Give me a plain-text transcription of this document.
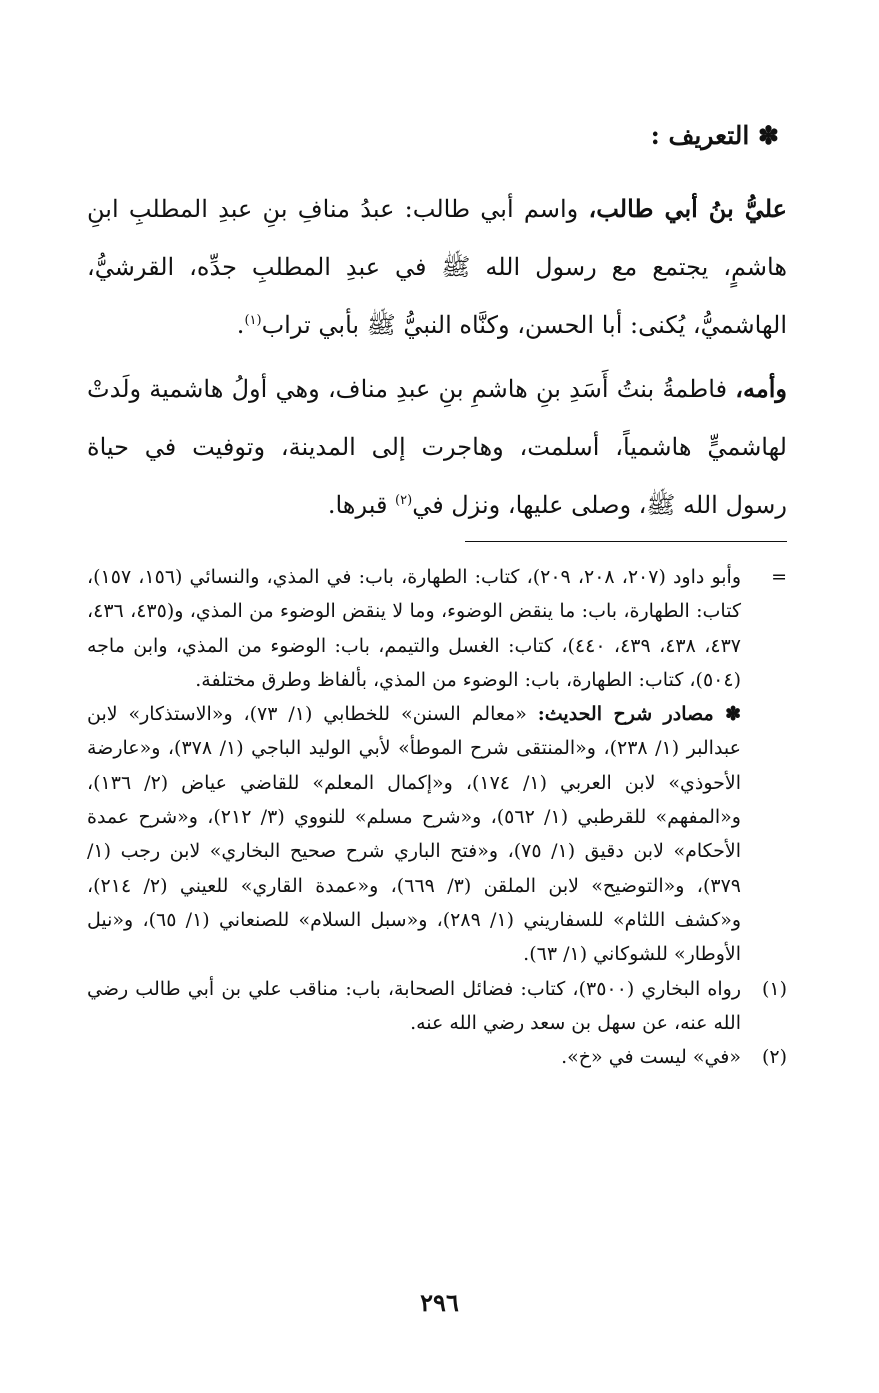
✽ التعريف :

عليُّ بنُ أبي طالب، واسم أبي طالب: عبدُ منافِ بنِ عبدِ المطلبِ ابنِ هاشمٍ، يجتمع مع رسول الله ﷺ في عبدِ المطلبِ جدِّه، القرشيُّ، الهاشميُّ، يُكنى: أبا الحسن، وكنَّاه النبيُّ ﷺ بأبي تراب$^{(١)}$.

وأمه، فاطمةُ بنتُ أَسَدِ بنِ هاشمِ بنِ عبدِ مناف، وهي أولُ هاشمية ولَدتْ لهاشميٍّ هاشمياً، أسلمت، وهاجرت إلى المدينة، وتوفيت في حياة رسول الله ﷺ، وصلى عليها، ونزل في$^{(٢)}$ قبرها.

=
وأبو داود (٢٠٧، ٢٠٨، ٢٠٩)، كتاب: الطهارة، باب: في المذي، والنسائي (١٥٦، ١٥٧)، كتاب: الطهارة، باب: ما ينقض الوضوء، وما لا ينقض الوضوء من المذي، و(٤٣٥، ٤٣٦، ٤٣٧، ٤٣٨، ٤٣٩، ٤٤٠)، كتاب: الغسل والتيمم، باب: الوضوء من المذي، وابن ماجه (٥٠٤)، كتاب: الطهارة، باب: الوضوء من المذي، بألفاظ وطرق مختلفة.
✽ مصادر شرح الحديث: «معالم السنن» للخطابي (١/ ٧٣)، و«الاستذكار» لابن عبدالبر (١/ ٢٣٨)، و«المنتقى شرح الموطأ» لأبي الوليد الباجي (١/ ٣٧٨)، و«عارضة الأحوذي» لابن العربي (١/ ١٧٤)، و«إكمال المعلم» للقاضي عياض (٢/ ١٣٦)، و«المفهم» للقرطبي (١/ ٥٦٢)، و«شرح مسلم» للنووي (٣/ ٢١٢)، و«شرح عمدة الأحكام» لابن دقيق (١/ ٧٥)، و«فتح الباري شرح صحيح البخاري» لابن رجب (١/ ٣٧٩)، و«التوضيح» لابن الملقن (٣/ ٦٦٩)، و«عمدة القاري» للعيني (٢/ ٢١٤)، و«كشف اللثام» للسفاريني (١/ ٢٨٩)، و«سبل السلام» للصنعاني (١/ ٦٥)، و«نيل الأوطار» للشوكاني (١/ ٦٣).

(١)
رواه البخاري (٣٥٠٠)، كتاب: فضائل الصحابة، باب: مناقب علي بن أبي طالب رضي الله عنه، عن سهل بن سعد رضي الله عنه.

(٢)
«في» ليست في «خ».

٢٩٦
